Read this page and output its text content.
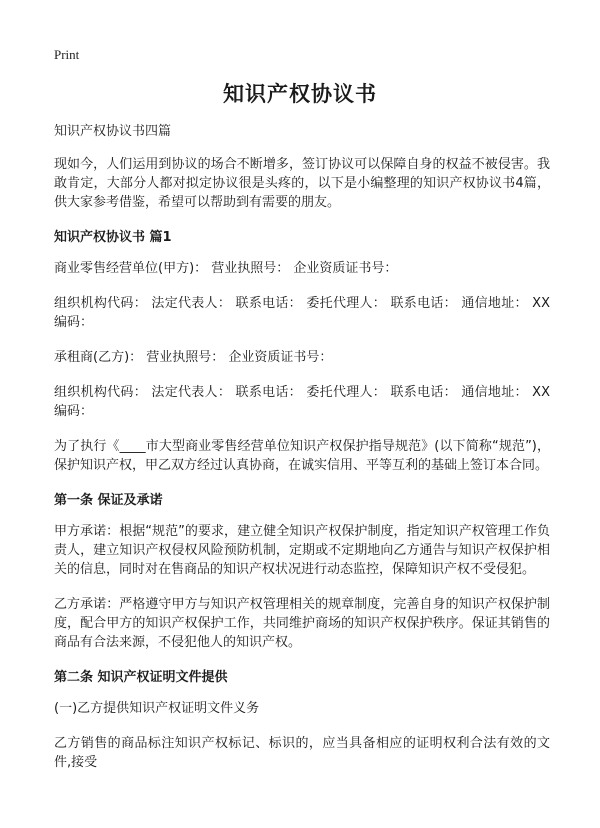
Print
知识产权协议书

知识产权协议书四篇

现如今，人们运用到协议的场合不断增多，签订协议可以保障自身的权益不被侵害。我敢肯定，大部分人都对拟定协议很是头疼的，以下是小编整理的知识产权协议书4篇，供大家参考借鉴，希望可以帮助到有需要的朋友。

知识产权协议书 篇1

商业零售经营单位(甲方)： 营业执照号： 企业资质证书号：

组织机构代码： 法定代表人： 联系电话： 委托代理人： 联系电话： 通信地址： XX编码：

承租商(乙方)： 营业执照号： 企业资质证书号：

组织机构代码： 法定代表人： 联系电话： 委托代理人： 联系电话： 通信地址： XX编码：

为了执行《____市大型商业零售经营单位知识产权保护指导规范》(以下简称“规范”)，保护知识产权，甲乙双方经过认真协商，在诚实信用、平等互利的基础上签订本合同。

第一条 保证及承诺

甲方承诺：根据“规范”的要求，建立健全知识产权保护制度，指定知识产权管理工作负责人，建立知识产权侵权风险预防机制，定期或不定期地向乙方通告与知识产权保护相关的信息，同时对在售商品的知识产权状况进行动态监控，保障知识产权不受侵犯。

乙方承诺：严格遵守甲方与知识产权管理相关的规章制度，完善自身的知识产权保护制度，配合甲方的知识产权保护工作，共同维护商场的知识产权保护秩序。保证其销售的商品有合法来源，不侵犯他人的知识产权。

第二条 知识产权证明文件提供

(一)乙方提供知识产权证明文件义务

乙方销售的商品标注知识产权标记、标识的，应当具备相应的证明权利合法有效的文件,接受
